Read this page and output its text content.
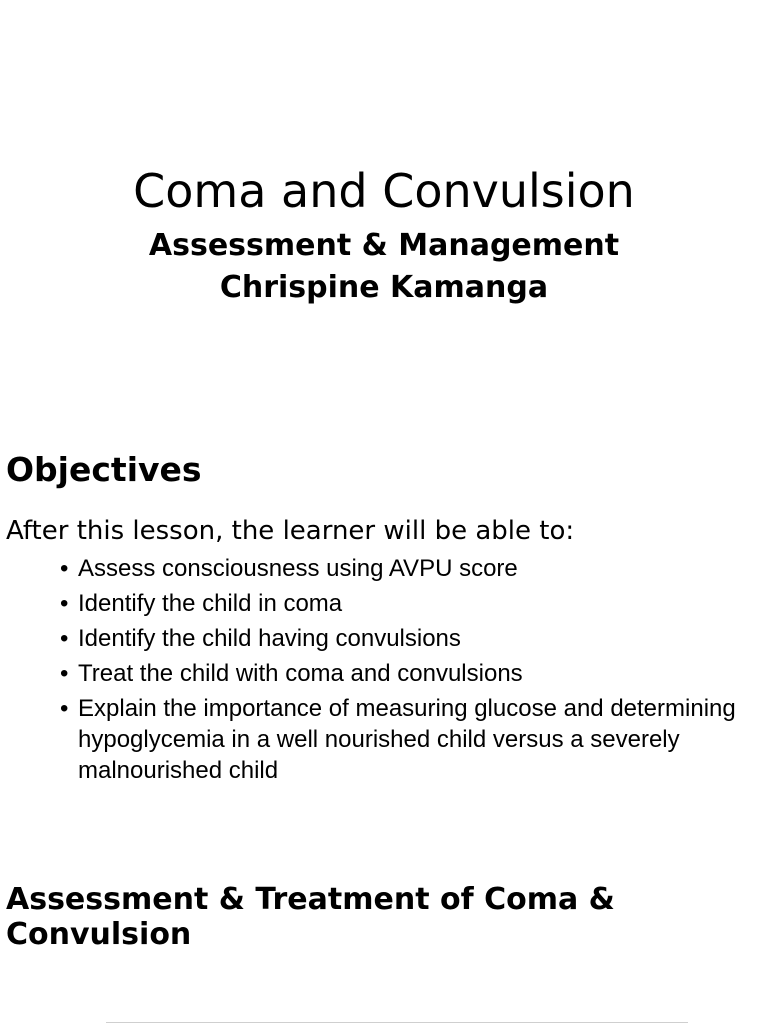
Coma and Convulsion
Assessment & Management
Chrispine Kamanga
Objectives

After this lesson, the learner will be able to:

• Assess consciousness using AVPU score
• Identify the child in coma
• Identify the child having convulsions
• Treat the child with coma and convulsions
• Explain the importance of measuring glucose and determining hypoglycemia in a well nourished child versus a severely malnourished child
Assessment & Treatment of Coma & Convulsion
